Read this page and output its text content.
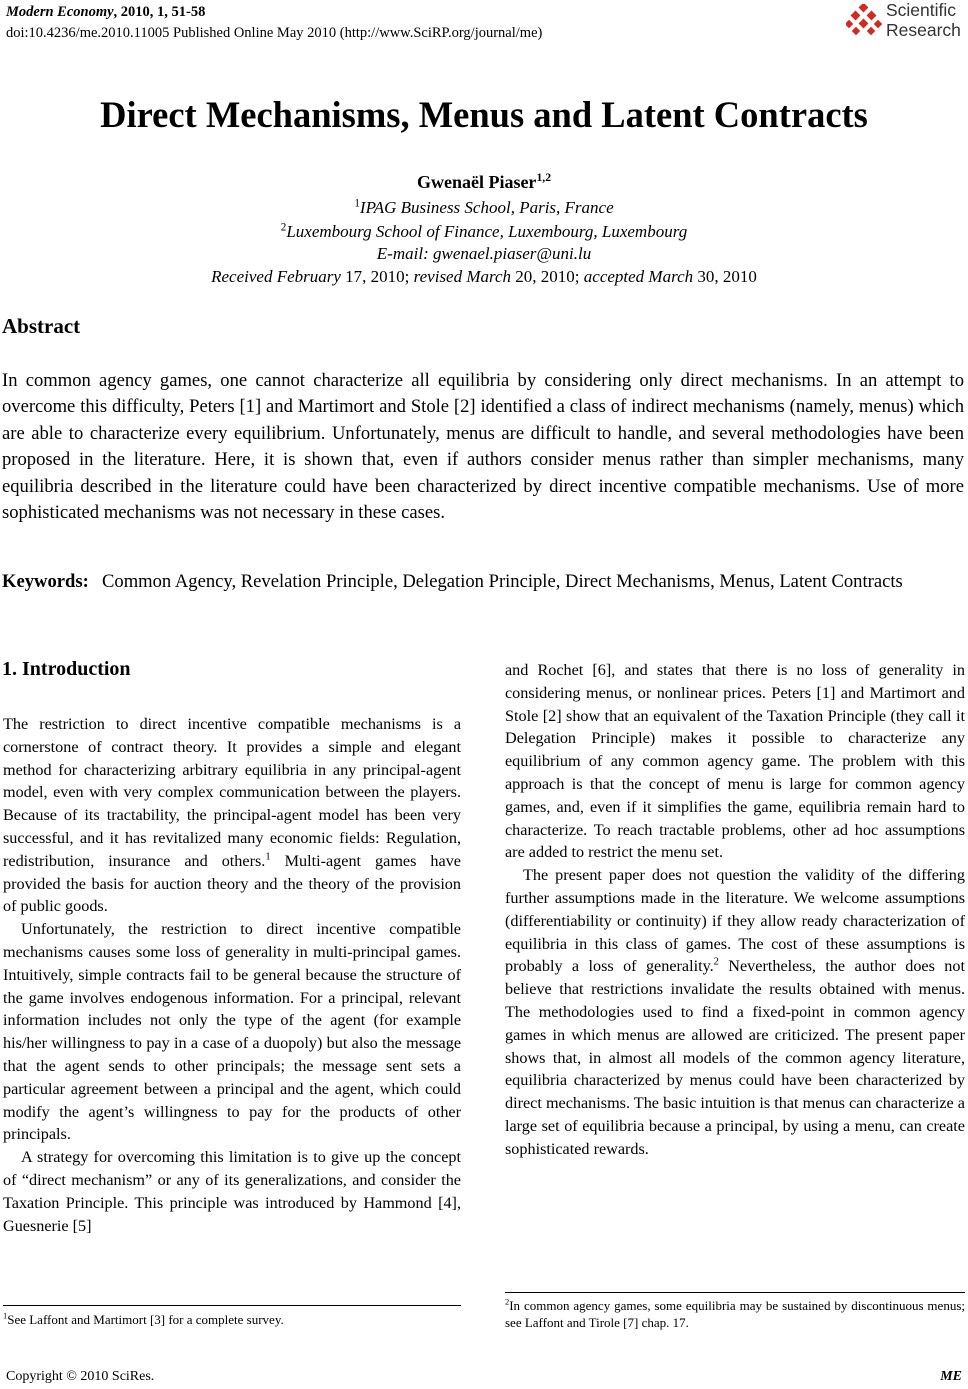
Modern Economy, 2010, 1, 51-58
doi:10.4236/me.2010.11005 Published Online May 2010 (http://www.SciRP.org/journal/me)
Scientific
Research
Direct Mechanisms, Menus and Latent Contracts
Gwenaël Piaser$^{1,2}$
$^1$IPAG Business School, Paris, France
$^2$Luxembourg School of Finance, Luxembourg, Luxembourg
E-mail: gwenael.piaser@uni.lu
Received February 17, 2010; revised March 20, 2010; accepted March 30, 2010
Abstract
In common agency games, one cannot characterize all equilibria by considering only direct mechanisms. In an attempt to overcome this difficulty, Peters [1] and Martimort and Stole [2] identified a class of indirect mechanisms (namely, menus) which are able to characterize every equilibrium. Unfortunately, menus are difficult to handle, and several methodologies have been proposed in the literature. Here, it is shown that, even if authors consider menus rather than simpler mechanisms, many equilibria described in the literature could have been characterized by direct incentive compatible mechanisms. Use of more sophisticated mechanisms was not necessary in these cases.
Keywords: Common Agency, Revelation Principle, Delegation Principle, Direct Mechanisms, Menus, Latent Contracts
1. Introduction

The restriction to direct incentive compatible mechanisms is a cornerstone of contract theory. It provides a simple and elegant method for characterizing arbitrary equilibria in any principal-agent model, even with very complex communication between the players. Because of its tractability, the principal-agent model has been very successful, and it has revitalized many economic fields: Regulation, redistribution, insurance and others.$^1$ Multi-agent games have provided the basis for auction theory and the theory of the provision of public goods.

Unfortunately, the restriction to direct incentive compatible mechanisms causes some loss of generality in multi-principal games. Intuitively, simple contracts fail to be general because the structure of the game involves endogenous information. For a principal, relevant information includes not only the type of the agent (for example his/her willingness to pay in a case of a duopoly) but also the message that the agent sends to other principals; the message sent sets a particular agreement between a principal and the agent, which could modify the agent’s willingness to pay for the products of other principals.

A strategy for overcoming this limitation is to give up the concept of “direct mechanism” or any of its generalizations, and consider the Taxation Principle. This principle was introduced by Hammond [4], Guesnerie [5]

and Rochet [6], and states that there is no loss of generality in considering menus, or nonlinear prices. Peters [1] and Martimort and Stole [2] show that an equivalent of the Taxation Principle (they call it Delegation Principle) makes it possible to characterize any equilibrium of any common agency game. The problem with this approach is that the concept of menu is large for common agency games, and, even if it simplifies the game, equilibria remain hard to characterize. To reach tractable problems, other ad hoc assumptions are added to restrict the menu set.

The present paper does not question the validity of the differing further assumptions made in the literature. We welcome assumptions (differentiability or continuity) if they allow ready characterization of equilibria in this class of games. The cost of these assumptions is probably a loss of generality.$^2$ Nevertheless, the author does not believe that restrictions invalidate the results obtained with menus. The methodologies used to find a fixed-point in common agency games in which menus are allowed are criticized. The present paper shows that, in almost all models of the common agency literature, equilibria characterized by menus could have been characterized by direct mechanisms. The basic intuition is that menus can characterize a large set of equilibria because a principal, by using a menu, can create sophisticated rewards.

$^1$See Laffont and Martimort [3] for a complete survey.
$^2$In common agency games, some equilibria may be sustained by discontinuous menus; see Laffont and Tirole [7] chap. 17.
Copyright © 2010 SciRes.	ME
